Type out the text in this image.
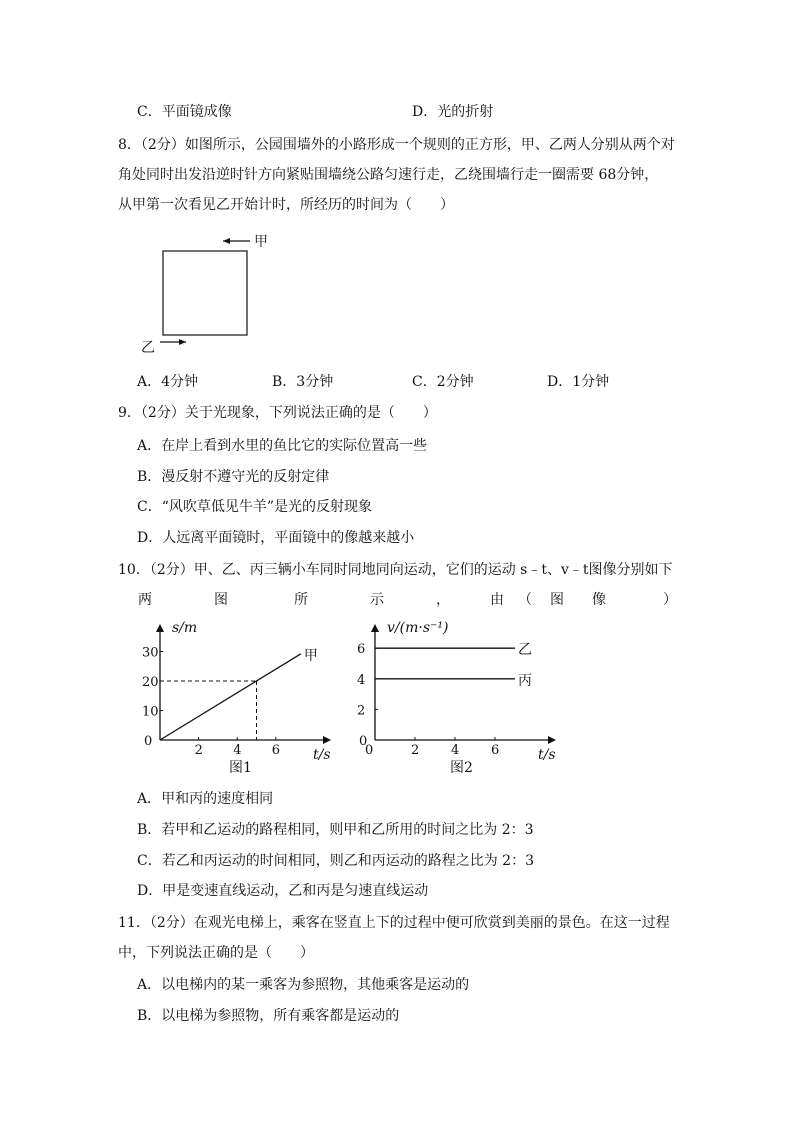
C．平面镜成像	D．光的折射
8．（2分）如图所示，公园围墙外的小路形成一个规则的正方形，甲、乙两人分别从两个对
角处同时出发沿逆时针方向紧贴围墙绕公路匀速行走，乙绕围墙行走一圈需要 68分钟，
从甲第一次看见乙开始计时，所经历的时间为（　　）
甲
乙
A．4分钟	B．3分钟	C．2分钟	D．1分钟
9．（2分）关于光现象，下列说法正确的是（　　）
A．在岸上看到水里的鱼比它的实际位置高一些
B．漫反射不遵守光的反射定律
C．“风吹草低见牛羊”是光的反射现象
D．人远离平面镜时，平面镜中的像越来越小
10．（2分）甲、乙、丙三辆小车同时同地同向运动，它们的运动 s﹣t、v﹣t图像分别如下
两	图	所	示	，	由	图 像
（	）
s/m
t/s
0
2 4 6
10
20
30	甲
图1
v/(m·s⁻¹)
t/s
0
2 4 6
2
4
6
0
乙
丙
图2
A．甲和丙的速度相同
B．若甲和乙运动的路程相同，则甲和乙所用的时间之比为 2：3
C．若乙和丙运动的时间相同，则乙和丙运动的路程之比为 2：3
D．甲是变速直线运动，乙和丙是匀速直线运动
11．（2分）在观光电梯上，乘客在竖直上下的过程中便可欣赏到美丽的景色。在这一过程
中，下列说法正确的是（　　）
A．以电梯内的某一乘客为参照物，其他乘客是运动的
B．以电梯为参照物，所有乘客都是运动的
